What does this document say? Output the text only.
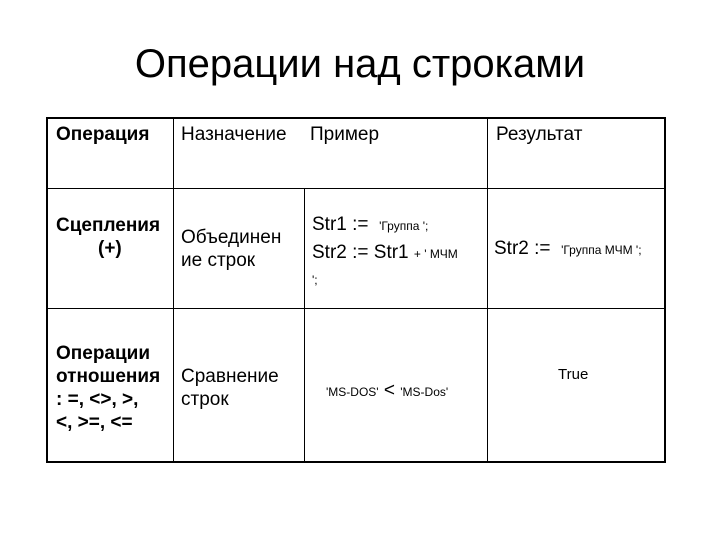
Операции над строками
Операция Назначение Пример	Результат
Сцепления
(+)
Объединен
ие строк
Str1 := 'Группа ';
Str2 := Str1 + ' МЧМ
';
Str2 := 'Группа МЧМ ';
Операции
отношения
: =, <>, >,
<, >=, <=
Сравнение
строк	'MS-DOS' < 'MS-Dos'
True
